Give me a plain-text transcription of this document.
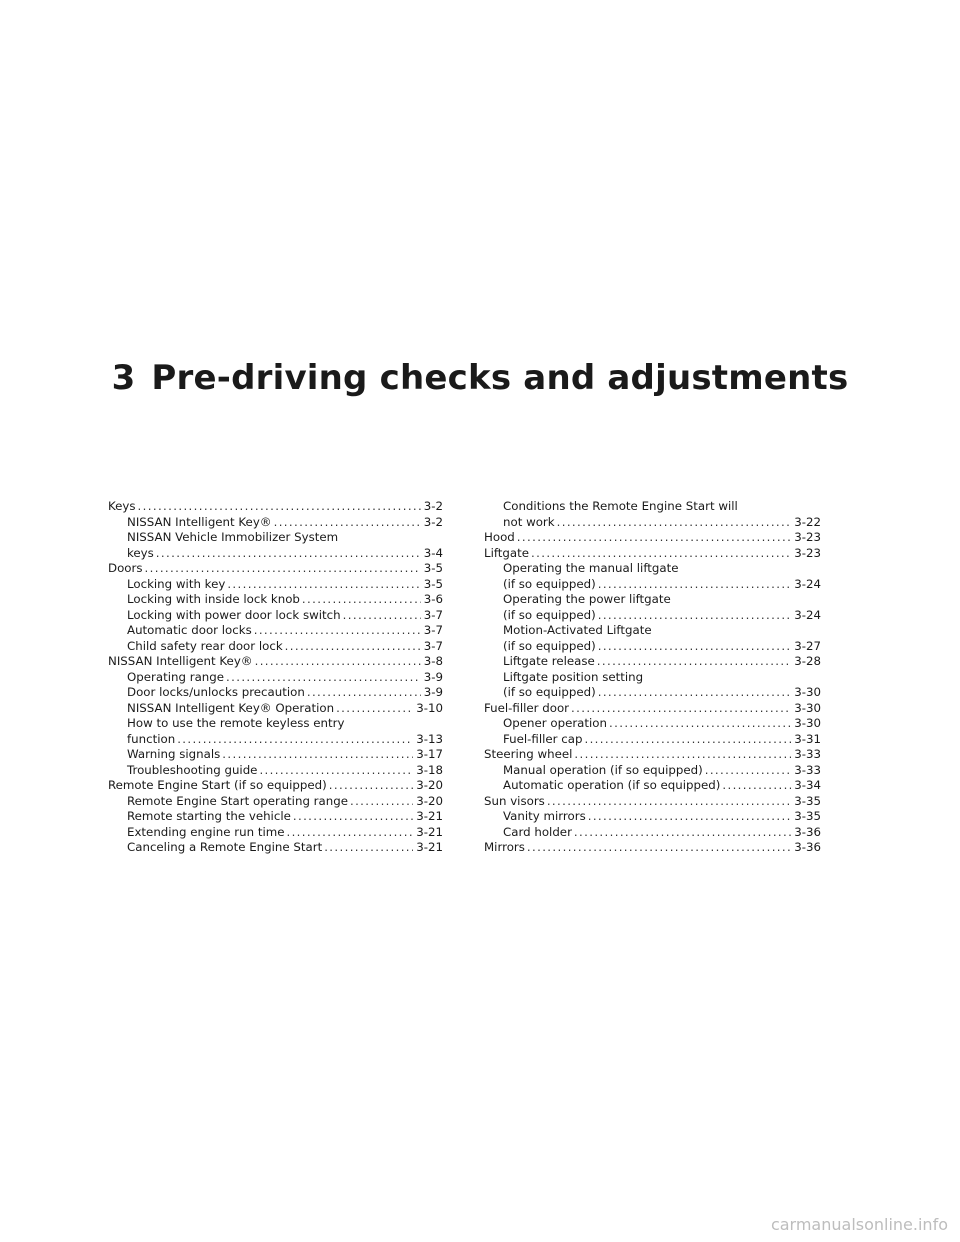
3 Pre-driving checks and adjustments
Keys . . .	3-2
NISSAN Intelligent Key® . . .	3-2
NISSAN Vehicle Immobilizer System
keys . . .	3-4
Doors . . .	3-5
Locking with key . . .	3-5
Locking with inside lock knob . . .	3-6
Locking with power door lock switch . . .	3-7
Automatic door locks . . .	3-7
Child safety rear door lock . . .	3-7
NISSAN Intelligent Key® . . .	3-8
Operating range . . .	3-9
Door locks/unlocks precaution . . .	3-9
NISSAN Intelligent Key® Operation . . .	3-10
How to use the remote keyless entry
function . . .	3-13
Warning signals . . .	3-17
Troubleshooting guide . . .	3-18
Remote Engine Start (if so equipped) . . .	3-20
Remote Engine Start operating range . . .	3-20
Remote starting the vehicle . . .	3-21
Extending engine run time . . .	3-21
Canceling a Remote Engine Start . . .	3-21
Conditions the Remote Engine Start will
not work . . .	3-22
Hood . . .	3-23
Liftgate . . .	3-23
Operating the manual liftgate
(if so equipped) . . .	3-24
Operating the power liftgate
(if so equipped) . . .	3-24
Motion-Activated Liftgate
(if so equipped) . . .	3-27
Liftgate release . . .	3-28
Liftgate position setting
(if so equipped) . . .	3-30
Fuel-filler door . . .	3-30
Opener operation . . .	3-30
Fuel-filler cap . . .	3-31
Steering wheel . . .	3-33
Manual operation (if so equipped) . . .	3-33
Automatic operation (if so equipped) . . .	3-34
Sun visors . . .	3-35
Vanity mirrors . . .	3-35
Card holder . . .	3-36
Mirrors . . .	3-36
carmanualsonline.info
